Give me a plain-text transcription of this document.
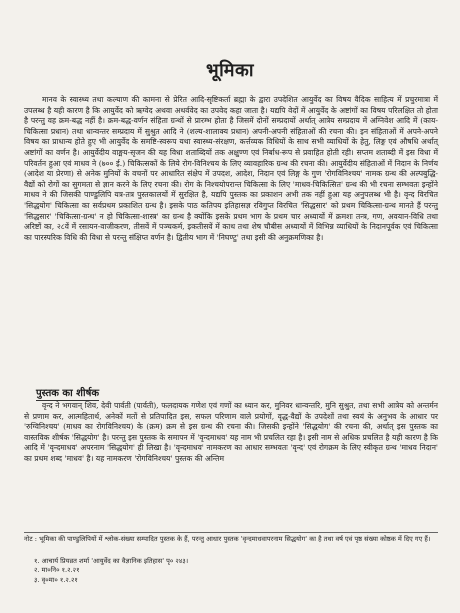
भूमिका
मानव के स्वास्थ्य तथा कल्याण की कामना से प्रेरित आदि-सृष्टिकर्ता ब्रह्मा के द्वारा उपदेशित आयुर्वेद का विषय वैदिक साहित्य में प्रचुरमात्रा में उपलब्ध है यही कारण है कि आयुर्वेद को ऋग्वेद अथवा अथर्ववेद का उपवेद कहा जाता है। यद्यपि वेदों में आयुर्वेद के अष्टांगों का विषय परिलक्षित तो होता है परन्तु वह क्रम-बद्ध नहीं है। क्रम-बद्ध-वर्णन संहिता ग्रन्थों से प्रारम्भ होता है जिसमें दोनों सम्प्रदायों अर्थात् आत्रेय सम्प्रदाय में अग्निवेश आदि में (काय-चिकित्सा प्रधान) तथा धान्वन्तर सम्प्रदाय में सुश्रुत आदि ने (शल्य-शालाक्य प्रधान) अपनी-अपनी संहिताओं की रचना की। इन संहिताओं में अपने-अपने विषय का प्राधान्य होते हुए भी आयुर्वेद के समष्टि-स्वरूप यथा स्वास्थ्य-संरक्षण, कर्त्तव्यक विधियों के साथ सभी व्याधियों के हेतु, लिङ्ग एवं औषधि अर्थात् अष्टांगों का वर्णन है। आयुर्वेदीय वाङ्मय-सृजन की यह विधा शताब्दियों तक अक्षुण्ण एवं निर्बाध-रूप से प्रवाहित होती रही। सप्तम शताब्दी में इस विधा में परिवर्तन हुआ एवं माधव ने (७०० ई.) चिकित्सकों के लिये रोग-विनिश्चय के लिए व्यावहारिक ग्रन्थ की रचना की। आयुर्वेदीय संहिताओं में निदान के निर्णय (आदेश या प्रेरणा) से अनेक मुनियों के वचनों पर आधारित संक्षेप में उपदश, आदेश, निदान एवं लिङ्ग के गुण 'रोगविनिश्चय' नामक ग्रन्थ की अल्पबुद्धि-वैद्यों को रोगों का सुगमता से ज्ञान करने के लिए रचना की। रोग के निश्चयोपरान्त चिकित्सा के लिए 'माधव-चिकित्सित' ग्रन्थ की भी रचना सम्भवतः इन्होंने माधव ने की जिसकी पाण्डुलिपि यत्र-तत्र पुस्तकालयों में सुरक्षित है, यद्यपि पुस्तक का प्रकाशन अभी तक नहीं हुआ यह अनुपलब्ध भी है। वृन्द विरचित 'सिद्धयोग' चिकित्सा का सर्वप्रथम प्रकाशित ग्रन्थ है। इसके पाठ कतिपय इतिहासज्ञ रविगुप्त विरचित 'सिद्धसार' को प्रथम चिकित्सा-ग्रन्थ मानते हैं परन्तु 'सिद्धसार' 'चिकित्सा-ग्रन्थ' न हो चिकित्सा-शास्त्र' का ग्रन्थ है क्योंकि इसके प्रथम भाग के प्रथम चार अध्यायों में क्रमशः तन्त्र, गण, अवयान-विधि तथा अरिष्टों का, २८वें में रसायन-वाजीकरण, तीसवें में पञ्चकर्म, इकतीसवें में काथ तथा शेष चौबीस अध्यायों में विभिन्न व्याधियों के निदानपूर्वक एवं चिकित्सा का पारस्परिक विधि की विधा से परन्तु संक्षिप्त वर्णन है। द्वितीय भाग में 'निघण्टु' तथा इसी की अनुक्रमणिका है।
पुस्तक का शीर्षक
वृन्द ने भगवान् शिव, देवी पार्वती (पार्वती), फलदायक गणेश एवं गणों का ध्यान कर, मुनिवर धान्वन्तरि, मुनि सुश्रुत, तथा सभी आत्रेय को अन्तर्मन से प्रणाम कर, आत्महितार्थ, अनेकों मतों से प्रतिपादित इस, सफल परिणाम वाले प्रयोगों, वृद्ध-वैद्यों के उपदेशों तथा स्वयं के अनुभव के आधार पर 'रुग्विनिश्चय' (माधव का रोगविनिश्चय) के (क्रम) क्रम से इस ग्रन्थ की रचना की। जिसकी इन्होंने 'सिद्धयोग' की रचना की, अर्थात् इस पुस्तक का वास्तविक शीर्षक 'सिद्धयोग' है। परन्तु इस पुस्तक के समापन में 'वृन्दमाधव' यह नाम भी प्रचलित रहा है। इसी नाम से अधिक प्रचलित है यही कारण है कि आदि में 'वृन्दमाधव' अपरनाम 'सिद्धयोग' ही लिखा है। 'वृन्दमाधव' नामकरण का आधार सम्भवतः 'वृन्द' एवं रोगक्रम के लिए स्वीकृत ग्रन्थ 'माधव निदान' का प्रथम शब्द 'माधव' है। यह नामकरण 'रोगविनिश्चय' पुस्तक की अन्तिम
नोट : भूमिका की पाण्डुलिपियों में श्लोक-संख्या सम्पादित पुस्तक के हैं, परन्तु आधार पुस्तक 'वृन्दमाधवापरनाम सिद्धयोग' का है तथा वर्ष एवं पृष्ठ संख्या कोष्ठक में दिए गए हैं।
१. आचार्य प्रियव्रत शर्मा 'आयुर्वेद का वैज्ञानिक इतिहास' पृ० २४३।
२. मा०नि० १.२.२१
३. वृ०मा० १.२.२१
